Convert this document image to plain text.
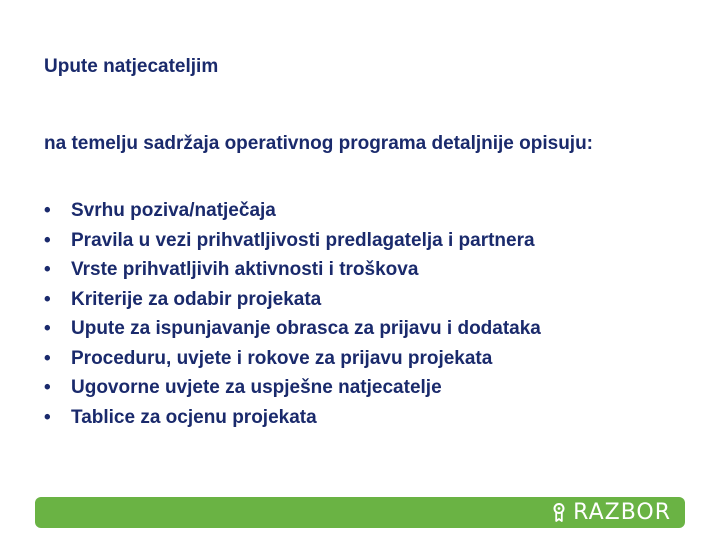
Upute natjecateljim
na temelju sadržaja operativnog programa detaljnije opisuju:
•	Svrhu poziva/natječaja
•	Pravila u vezi prihvatljivosti predlagatelja i partnera
•	Vrste prihvatljivih aktivnosti i troškova
•	Kriterije za odabir projekata
•	Upute za ispunjavanje obrasca za prijavu i dodataka
•	Proceduru, uvjete i rokove za prijavu projekata
•	Ugovorne uvjete za uspješne natjecatelje
•	Tablice za ocjenu projekata
RAZBOR
